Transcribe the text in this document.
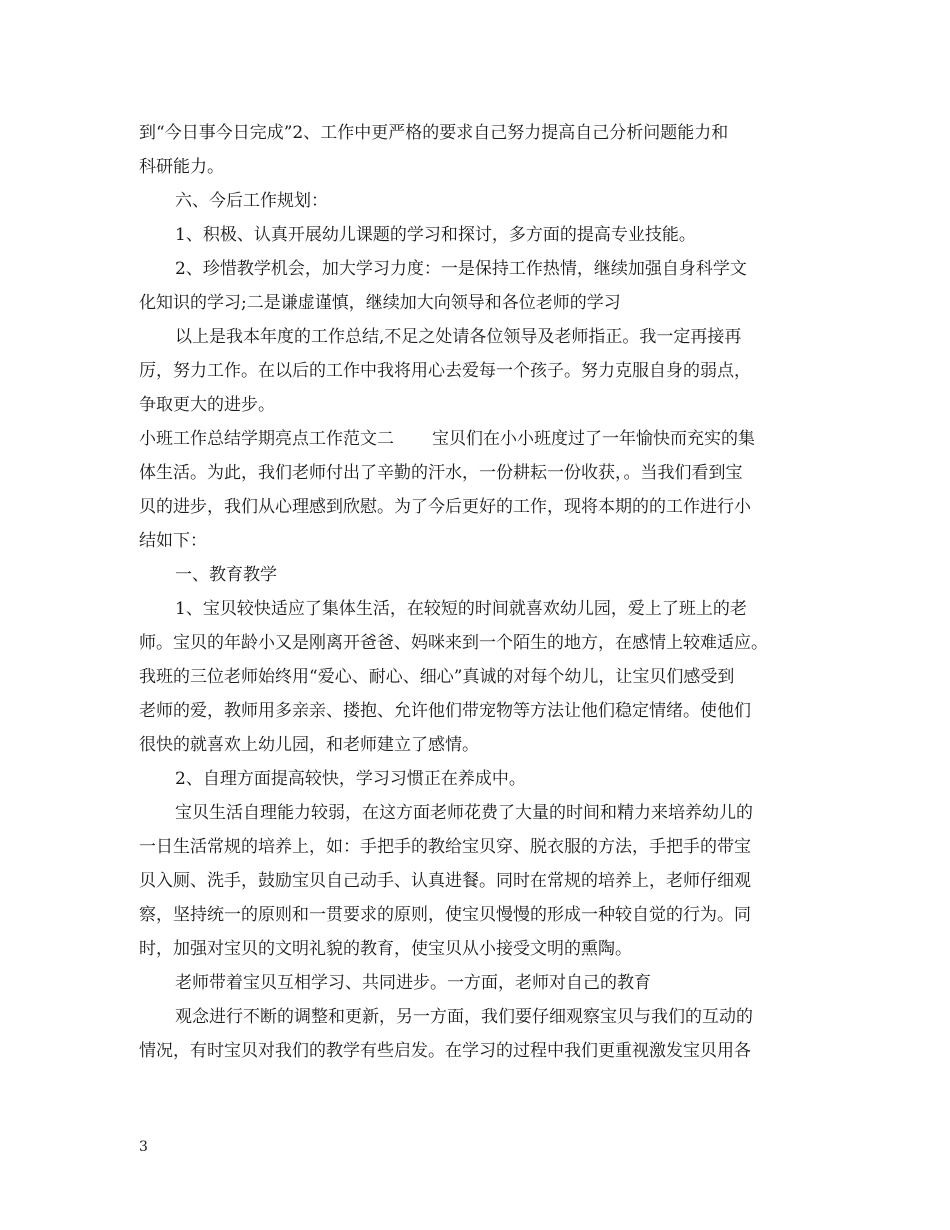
到“今日事今日完成”2、工作中更严格的要求自己努力提高自己分析问题能力和
科研能力。
六、今后工作规划：
1、积极、认真开展幼儿课题的学习和探讨，多方面的提高专业技能。
2、珍惜教学机会，加大学习力度：一是保持工作热情，继续加强自身科学文
化知识的学习;二是谦虚谨慎，继续加大向领导和各位老师的学习
以上是我本年度的工作总结,不足之处请各位领导及老师指正。我一定再接再
厉，努力工作。在以后的工作中我将用心去爱每一个孩子。努力克服自身的弱点，
争取更大的进步。
小班工作总结学期亮点工作范文二 宝贝们在小小班度过了一年愉快而充实的集
体生活。为此，我们老师付出了辛勤的汗水，一份耕耘一份收获，。当我们看到宝
贝的进步，我们从心理感到欣慰。为了今后更好的工作，现将本期的的工作进行小
结如下：
一、教育教学
1、宝贝较快适应了集体生活，在较短的时间就喜欢幼儿园，爱上了班上的老
师。宝贝的年龄小又是刚离开爸爸、妈咪来到一个陌生的地方，在感情上较难适应。
我班的三位老师始终用“爱心、耐心、细心”真诚的对每个幼儿，让宝贝们感受到
老师的爱，教师用多亲亲、搂抱、允许他们带宠物等方法让他们稳定情绪。使他们
很快的就喜欢上幼儿园，和老师建立了感情。
2、自理方面提高较快，学习习惯正在养成中。
宝贝生活自理能力较弱，在这方面老师花费了大量的时间和精力来培养幼儿的
一日生活常规的培养上，如：手把手的教给宝贝穿、脱衣服的方法，手把手的带宝
贝入厕、洗手，鼓励宝贝自己动手、认真进餐。同时在常规的培养上，老师仔细观
察，坚持统一的原则和一贯要求的原则，使宝贝慢慢的形成一种较自觉的行为。同
时，加强对宝贝的文明礼貌的教育，使宝贝从小接受文明的熏陶。
老师带着宝贝互相学习、共同进步。一方面，老师对自己的教育
观念进行不断的调整和更新，另一方面，我们要仔细观察宝贝与我们的互动的
情况，有时宝贝对我们的教学有些启发。在学习的过程中我们更重视激发宝贝用各
3
